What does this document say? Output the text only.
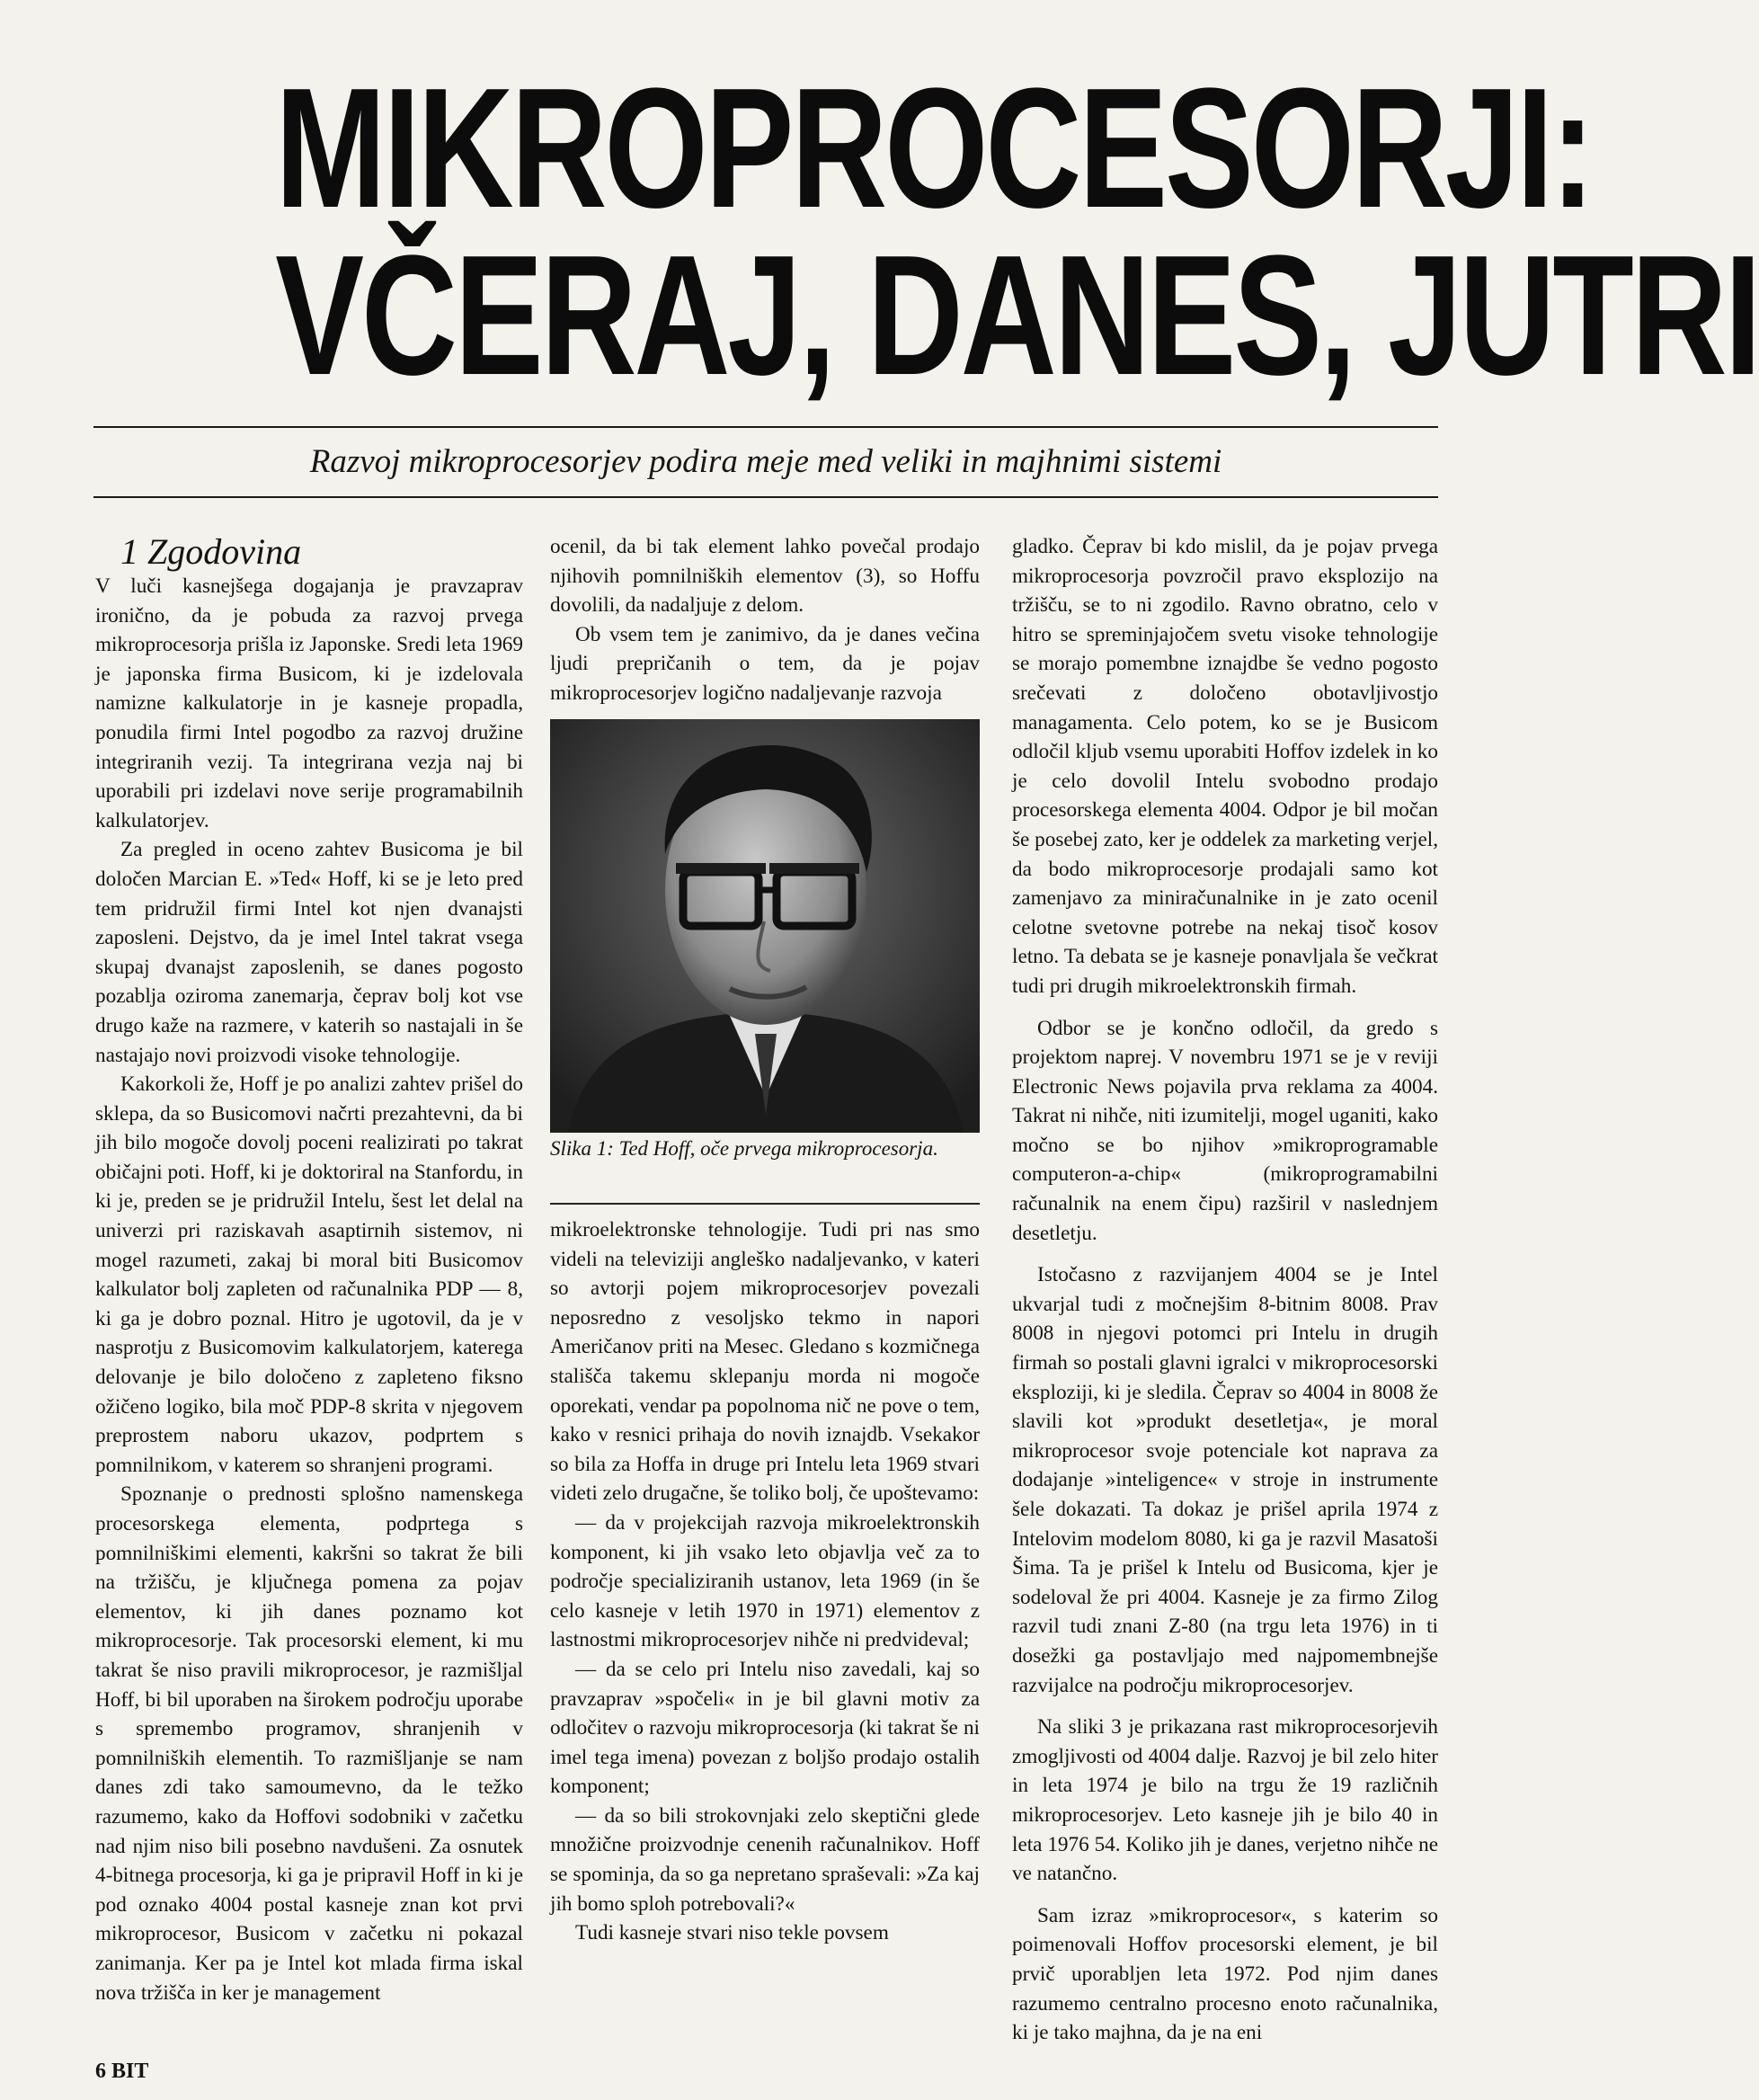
MIKROPROCESORJI:
VČERAJ, DANES, JUTRI
Razvoj mikroprocesorjev podira meje med veliki in majhnimi sistemi

1 Zgodovina

V luči kasnejšega dogajanja je pravzaprav ironično, da je pobuda za razvoj prvega mikroprocesorja prišla iz Japonske. Sredi leta 1969 je japonska firma Busicom, ki je izdelovala namizne kalkulatorje in je kasneje propadla, ponudila firmi Intel pogodbo za razvoj družine integriranih vezij. Ta integrirana vezja naj bi uporabili pri izdelavi nove serije programabilnih kalkulatorjev.

Za pregled in oceno zahtev Busicoma je bil določen Marcian E. »Ted« Hoff, ki se je leto pred tem pridružil firmi Intel kot njen dvanajsti zaposleni. Dejstvo, da je imel Intel takrat vsega skupaj dvanajst zaposlenih, se danes pogosto pozablja oziroma zanemarja, čeprav bolj kot vse drugo kaže na razmere, v katerih so nastajali in še nastajajo novi proizvodi visoke tehnologije.

Kakorkoli že, Hoff je po analizi zahtev prišel do sklepa, da so Busicomovi načrti prezahtevni, da bi jih bilo mogoče dovolj poceni realizirati po takrat običajni poti. Hoff, ki je doktoriral na Stanfordu, in ki je, preden se je pridružil Intelu, šest let delal na univerzi pri raziskavah asaptirnih sistemov, ni mogel razumeti, zakaj bi moral biti Busicomov kalkulator bolj zapleten od računalnika PDP — 8, ki ga je dobro poznal. Hitro je ugotovil, da je v nasprotju z Busicomovim kalkulatorjem, katerega delovanje je bilo določeno z zapleteno fiksno ožičeno logiko, bila moč PDP-8 skrita v njegovem preprostem naboru ukazov, podprtem s pomnilnikom, v katerem so shranjeni programi.

Spoznanje o prednosti splošno namenskega procesorskega elementa, podprtega s pomnilniškimi elementi, kakršni so takrat že bili na tržišču, je ključnega pomena za pojav elementov, ki jih danes poznamo kot mikroprocesorje. Tak procesorski element, ki mu takrat še niso pravili mikroprocesor, je razmišljal Hoff, bi bil uporaben na širokem področju uporabe s spremembo programov, shranjenih v pomnilniških elementih. To razmišljanje se nam danes zdi tako samoumevno, da le težko razumemo, kako da Hoffovi sodobniki v začetku nad njim niso bili posebno navdušeni. Za osnutek 4-bitnega procesorja, ki ga je pripravil Hoff in ki je pod oznako 4004 postal kasneje znan kot prvi mikroprocesor, Busicom v začetku ni pokazal zanimanja. Ker pa je Intel kot mlada firma iskal nova tržišča in ker je management

ocenil, da bi tak element lahko povečal prodajo njihovih pomnilniških elementov (3), so Hoffu dovolili, da nadaljuje z delom.

Ob vsem tem je zanimivo, da je danes večina ljudi prepričanih o tem, da je pojav mikroprocesorjev logično nadaljevanje razvoja

Slika 1: Ted Hoff, oče prvega mikroprocesorja.

mikroelektronske tehnologije. Tudi pri nas smo videli na televiziji angleško nadaljevanko, v kateri so avtorji pojem mikroprocesorjev povezali neposredno z vesoljsko tekmo in napori Američanov priti na Mesec. Gledano s kozmičnega stališča takemu sklepanju morda ni mogoče oporekati, vendar pa popolnoma nič ne pove o tem, kako v resnici prihaja do novih iznajdb. Vsekakor so bila za Hoffa in druge pri Intelu leta 1969 stvari videti zelo drugačne, še toliko bolj, če upoštevamo:

— da v projekcijah razvoja mikroelektronskih komponent, ki jih vsako leto objavlja več za to področje specializiranih ustanov, leta 1969 (in še celo kasneje v letih 1970 in 1971) elementov z lastnostmi mikroprocesorjev nihče ni predvideval;

— da se celo pri Intelu niso zavedali, kaj so pravzaprav »spočeli« in je bil glavni motiv za odločitev o razvoju mikroprocesorja (ki takrat še ni imel tega imena) povezan z boljšo prodajo ostalih komponent;

— da so bili strokovnjaki zelo skeptični glede množične proizvodnje cenenih računalnikov. Hoff se spominja, da so ga nepretano spraševali: »Za kaj jih bomo sploh potrebovali?«

Tudi kasneje stvari niso tekle povsem

gladko. Čeprav bi kdo mislil, da je pojav prvega mikroprocesorja povzročil pravo eksplozijo na tržišču, se to ni zgodilo. Ravno obratno, celo v hitro se spreminjajočem svetu visoke tehnologije se morajo pomembne iznajdbe še vedno pogosto srečevati z določeno obotavljivostjo managamenta. Celo potem, ko se je Busicom odločil kljub vsemu uporabiti Hoffov izdelek in ko je celo dovolil Intelu svobodno prodajo procesorskega elementa 4004. Odpor je bil močan še posebej zato, ker je oddelek za marketing verjel, da bodo mikroprocesorje prodajali samo kot zamenjavo za miniračunalnike in je zato ocenil celotne svetovne potrebe na nekaj tisoč kosov letno. Ta debata se je kasneje ponavljala še večkrat tudi pri drugih mikroelektronskih firmah.

Odbor se je končno odločil, da gredo s projektom naprej. V novembru 1971 se je v reviji Electronic News pojavila prva reklama za 4004. Takrat ni nihče, niti izumitelji, mogel uganiti, kako močno se bo njihov »mikroprogramable computeron-a-chip« (mikroprogramabilni računalnik na enem čipu) razširil v naslednjem desetletju.

Istočasno z razvijanjem 4004 se je Intel ukvarjal tudi z močnejšim 8-bitnim 8008. Prav 8008 in njegovi potomci pri Intelu in drugih firmah so postali glavni igralci v mikroprocesorski eksploziji, ki je sledila. Čeprav so 4004 in 8008 že slavili kot »produkt desetletja«, je moral mikroprocesor svoje potenciale kot naprava za dodajanje »inteligence« v stroje in instrumente šele dokazati. Ta dokaz je prišel aprila 1974 z Intelovim modelom 8080, ki ga je razvil Masatoši Šima. Ta je prišel k Intelu od Busicoma, kjer je sodeloval že pri 4004. Kasneje je za firmo Zilog razvil tudi znani Z-80 (na trgu leta 1976) in ti dosežki ga postavljajo med najpomembnejše razvijalce na področju mikroprocesorjev.

Na sliki 3 je prikazana rast mikroprocesorjevih zmogljivosti od 4004 dalje. Razvoj je bil zelo hiter in leta 1974 je bilo na trgu že 19 različnih mikroprocesorjev. Leto kasneje jih je bilo 40 in leta 1976 54. Koliko jih je danes, verjetno nihče ne ve natančno.

Sam izraz »mikroprocesor«, s katerim so poimenovali Hoffov procesorski element, je bil prvič uporabljen leta 1972. Pod njim danes razumemo centralno procesno enoto računalnika, ki je tako majhna, da je na eni

6 BIT
